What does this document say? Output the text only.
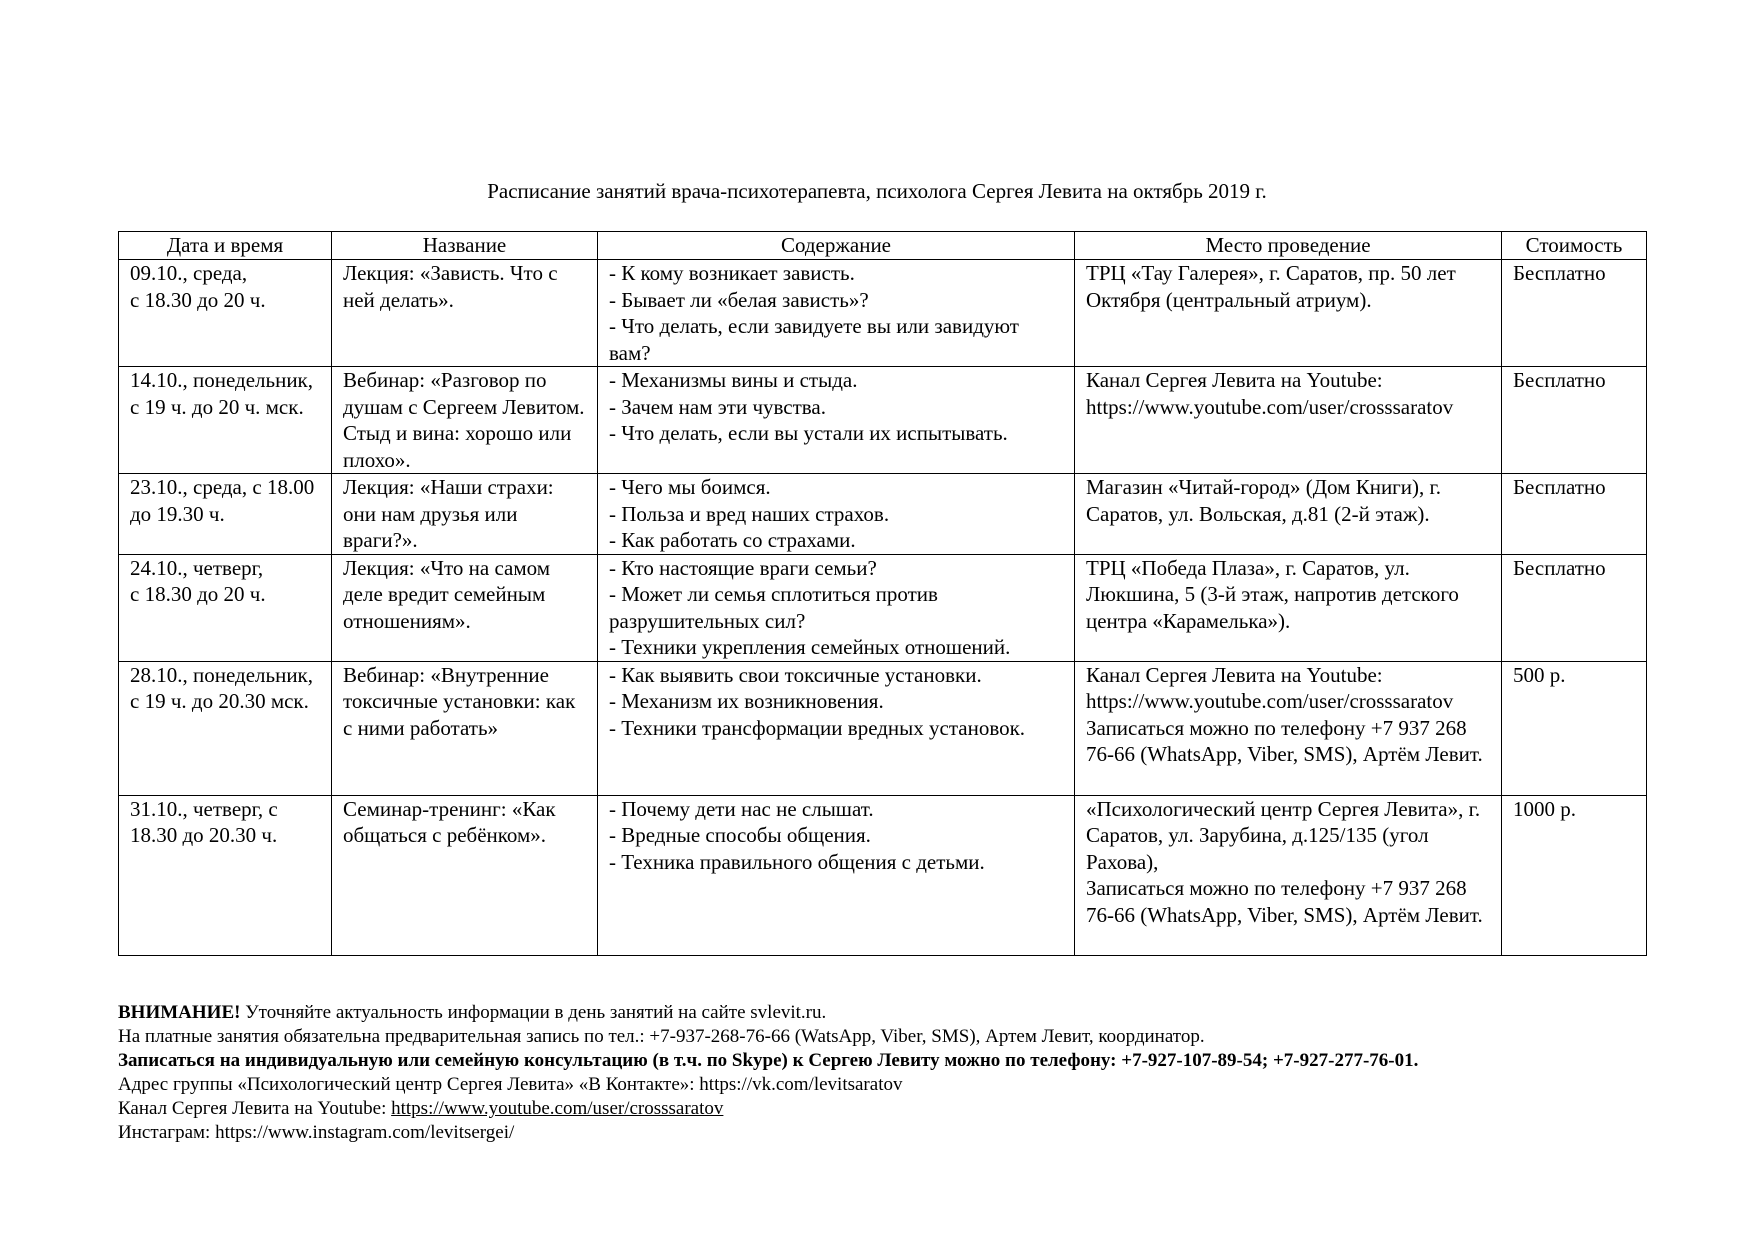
Расписание занятий врача-психотерапевта, психолога Сергея Левита на октябрь 2019 г.
Дата и время	Название	Содержание	Место проведение	Стоимость

09.10., среда,
с 18.30 до 20 ч.	Лекция: «Зависть. Что с ней делать».	- К кому возникает зависть.
- Бывает ли «белая зависть»?
- Что делать, если завидуете вы или завидуют вам?	ТРЦ «Тау Галерея», г. Саратов, пр. 50 лет Октября (центральный атриум).	Бесплатно

14.10., понедельник, с 19 ч. до 20 ч. мск.	Вебинар: «Разговор по душам с Сергеем Левитом. Стыд и вина: хорошо или плохо».	- Механизмы вины и стыда.
- Зачем нам эти чувства.
- Что делать, если вы устали их испытывать.	Канал Сергея Левита на Youtube:
https://www.youtube.com/user/crosssaratov	Бесплатно

23.10., среда, с 18.00 до 19.30 ч.	Лекция: «Наши страхи: они нам друзья или враги?».	- Чего мы боимся.
- Польза и вред наших страхов.
- Как работать со страхами.	Магазин «Читай-город» (Дом Книги), г. Саратов, ул. Вольская, д.81 (2-й этаж).	Бесплатно

24.10., четверг,
с 18.30 до 20 ч.	Лекция: «Что на самом деле вредит семейным отношениям».	- Кто настоящие враги семьи?
- Может ли семья сплотиться против разрушительных сил?
- Техники укрепления семейных отношений.	ТРЦ «Победа Плаза», г. Саратов, ул. Люкшина, 5 (3-й этаж, напротив детского центра «Карамелька»).	Бесплатно

28.10., понедельник, с 19 ч. до 20.30 мск.	Вебинар: «Внутренние токсичные установки: как с ними работать»	- Как выявить свои токсичные установки.
- Механизм их возникновения.
- Техники трансформации вредных установок.	Канал Сергея Левита на Youtube:
https://www.youtube.com/user/crosssaratov
Записаться можно по телефону +7 937 268 76-66 (WhatsApp, Viber, SMS), Артём Левит.	500 р.

31.10., четверг, с 18.30 до 20.30 ч.	Семинар-тренинг: «Как общаться с ребёнком».	- Почему дети нас не слышат.
- Вредные способы общения.
- Техника правильного общения с детьми.	«Психологический центр Сергея Левита», г. Саратов, ул. Зарубина, д.125/135 (угол Рахова),
Записаться можно по телефону +7 937 268 76-66 (WhatsApp, Viber, SMS), Артём Левит.	1000 р.

ВНИМАНИЕ! Уточняйте актуальность информации в день занятий на сайте svlevit.ru.

На платные занятия обязательна предварительная запись по тел.: +7-937-268-76-66 (WatsApp, Viber, SMS), Артем Левит, координатор.

Записаться на индивидуальную или семейную консультацию (в т.ч. по Skype) к Сергею Левиту можно по телефону: +7-927-107-89-54; +7-927-277-76-01.

Адрес группы «Психологический центр Сергея Левита» «В Контакте»: https://vk.com/levitsaratov

Канал Сергея Левита на Youtube: https://www.youtube.com/user/crosssaratov

Инстаграм: https://www.instagram.com/levitsergei/
